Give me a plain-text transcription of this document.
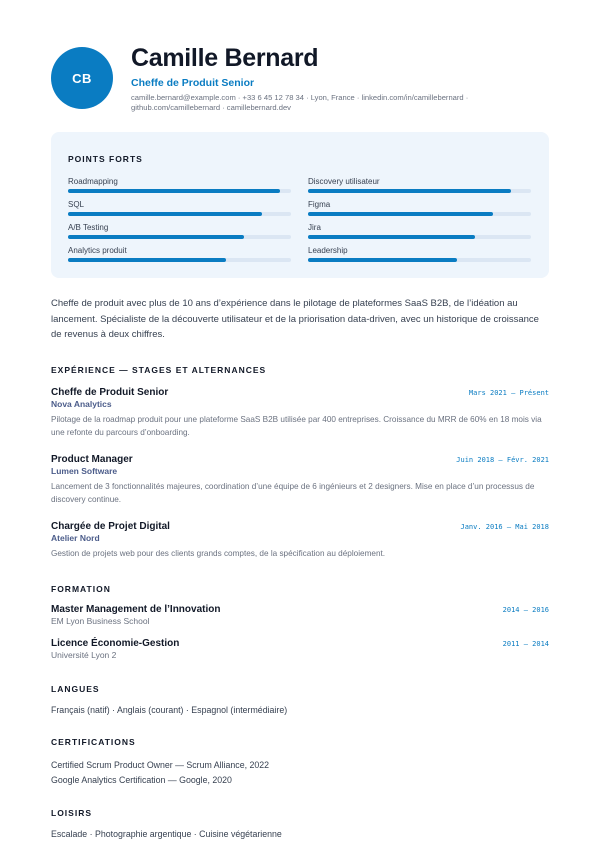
CB
Camille Bernard
Cheffe de Produit Senior
camille.bernard@example.com · +33 6 45 12 78 34 · Lyon, France · linkedin.com/in/camillebernard · github.com/camillebernard · camillebernard.dev
POINTS FORTS
Roadmapping	Discovery utilisateur
SQL	Figma
A/B Testing	Jira
Analytics produit	Leadership
Cheffe de produit avec plus de 10 ans d’expérience dans le pilotage de plateformes SaaS B2B, de l’idéation au lancement. Spécialiste de la découverte utilisateur et de la priorisation data-driven, avec un historique de croissance de revenus à deux chiffres.
EXPÉRIENCE — STAGES ET ALTERNANCES
Cheffe de Produit Senior	Mars 2021 – Présent
Nova Analytics
Pilotage de la roadmap produit pour une plateforme SaaS B2B utilisée par 400 entreprises. Croissance du MRR de 60% en 18 mois via une refonte du parcours d’onboarding.
Product Manager	Juin 2018 – Févr. 2021
Lumen Software
Lancement de 3 fonctionnalités majeures, coordination d’une équipe de 6 ingénieurs et 2 designers. Mise en place d’un processus de discovery continue.
Chargée de Projet Digital	Janv. 2016 – Mai 2018
Atelier Nord
Gestion de projets web pour des clients grands comptes, de la spécification au déploiement.
FORMATION
Master Management de l’Innovation	2014 – 2016
EM Lyon Business School
Licence Économie-Gestion	2011 – 2014
Université Lyon 2
LANGUES
Français (natif) · Anglais (courant) · Espagnol (intermédiaire)
CERTIFICATIONS
Certified Scrum Product Owner — Scrum Alliance, 2022
Google Analytics Certification — Google, 2020
LOISIRS
Escalade · Photographie argentique · Cuisine végétarienne
